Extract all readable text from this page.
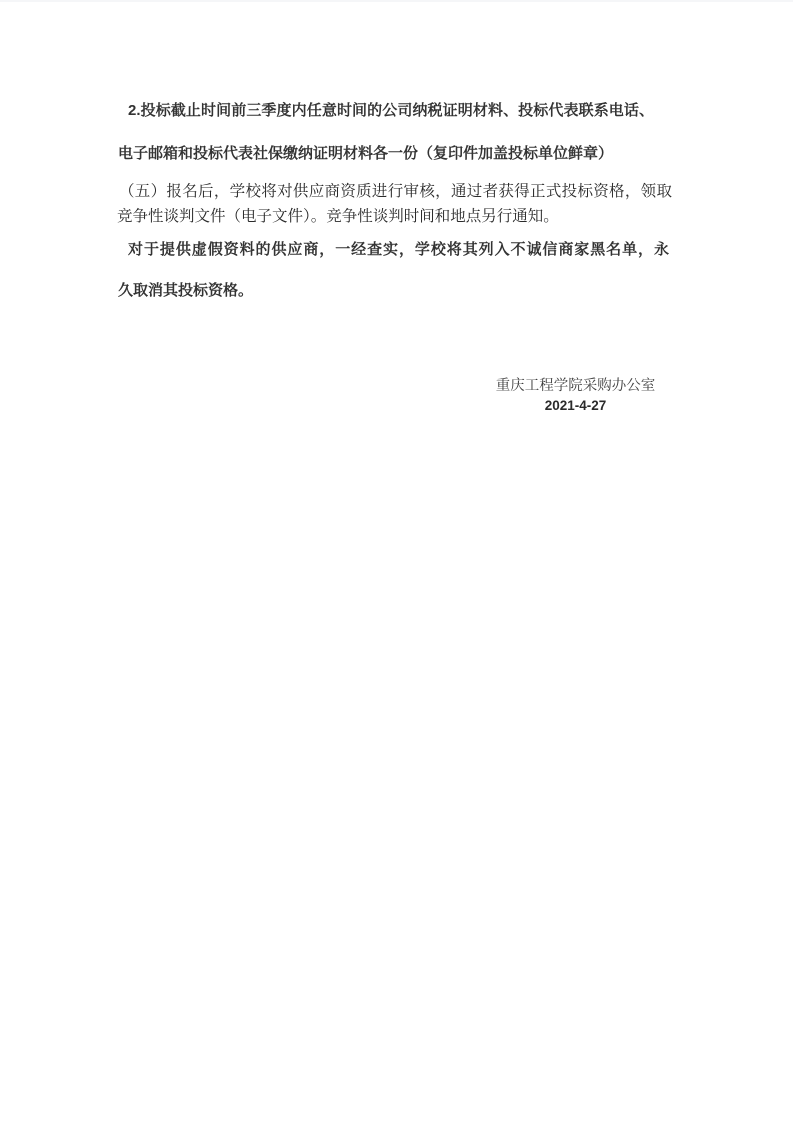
2.投标截止时间前三季度内任意时间的公司纳税证明材料、投标代表联系电话、
电子邮箱和投标代表社保缴纳证明材料各一份（复印件加盖投标单位鲜章）
（五）报名后，学校将对供应商资质进行审核，通过者获得正式投标资格，领取
竞争性谈判文件（电子文件）。竞争性谈判时间和地点另行通知。
对于提供虚假资料的供应商，一经查实，学校将其列入不诚信商家黑名单，永
久取消其投标资格。
重庆工程学院采购办公室
2021-4-27
